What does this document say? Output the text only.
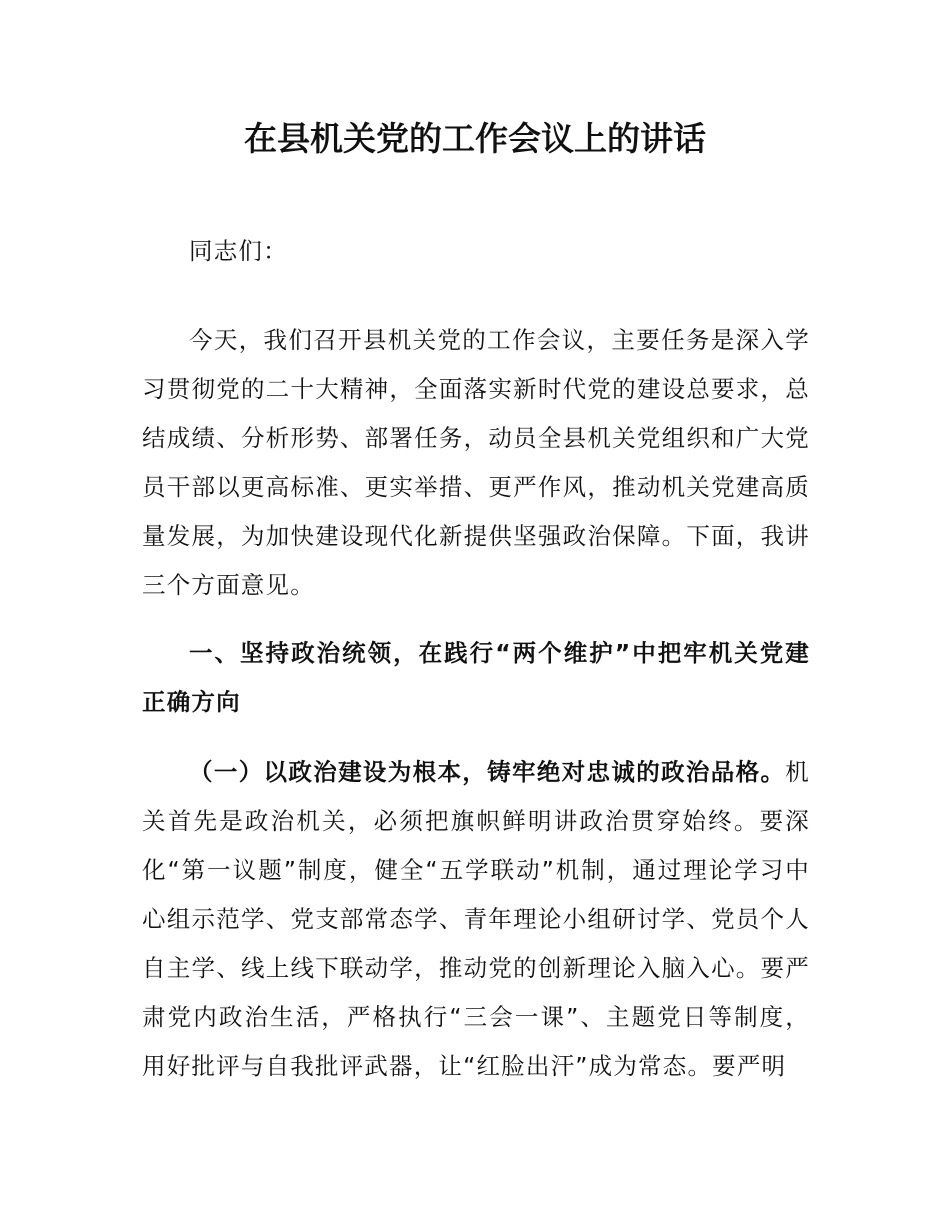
在县机关党的工作会议上的讲话

同志们：

今天，我们召开县机关党的工作会议，主要任务是深入学习贯彻党的二十大精神，全面落实新时代党的建设总要求，总结成绩、分析形势、部署任务，动员全县机关党组织和广大党员干部以更高标准、更实举措、更严作风，推动机关党建高质量发展，为加快建设现代化新提供坚强政治保障。下面，我讲三个方面意见。

一、坚持政治统领，在践行“两个维护”中把牢机关党建正确方向

（一）以政治建设为根本，铸牢绝对忠诚的政治品格。机关首先是政治机关，必须把旗帜鲜明讲政治贯穿始终。要深化“第一议题”制度，健全“五学联动”机制，通过理论学习中心组示范学、党支部常态学、青年理论小组研讨学、党员个人自主学、线上线下联动学，推动党的创新理论入脑入心。要严肃党内政治生活，严格执行“三会一课”、主题党日等制度，用好批评与自我批评武器，让“红脸出汗”成为常态。要严明
